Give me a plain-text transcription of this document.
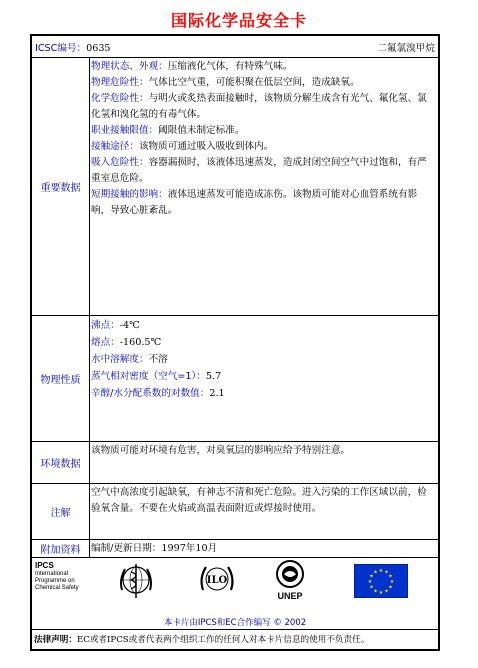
国际化学品安全卡
ICSC编号：0635	二氟氯溴甲烷
重要数据
物理状态、外观：压缩液化气体，有特殊气味。
物理危险性：气体比空气重，可能积聚在低层空间，造成缺氧。
化学危险性：与明火或炙热表面接触时，该物质分解生成含有光气、氟化氢、氯化氢和溴化氢的有毒气体。
职业接触限值：阈限值未制定标准。
接触途径：该物质可通过吸入吸收到体内。
吸入危险性：容器漏损时，该液体迅速蒸发，造成封闭空间空气中过饱和，有严重室息危险。
短期接触的影响：液体迅速蒸发可能造成冻伤。该物质可能对心血管系统有影响，导致心脏紊乱。
物理性质
沸点：-4℃
熔点：-160.5℃
水中溶解度：不溶
蒸气相对密度（空气=1）：5.7
辛醇/水分配系数的对数值：2.1
环境数据
该物质可能对环境有危害，对臭氧层的影响应给予特别注意。
注解
空气中高浓度引起缺氧，有神志不清和死亡危险。进入污染的工作区域以前，检验氧含量。不要在火焰或高温表面附近或焊接时使用。
附加资料	编制/更新日期：1997年10月
IPCS
International
Programme on
Chemical Safety
ILO
UNEP
★ ★
★
★
★
★
★
★
★
★
★
★
本卡片由IPCS和EC合作编写 © 2002
法律声明：EC或者IPCS或者代表两个组织工作的任何人对本卡片信息的使用不负责任。
